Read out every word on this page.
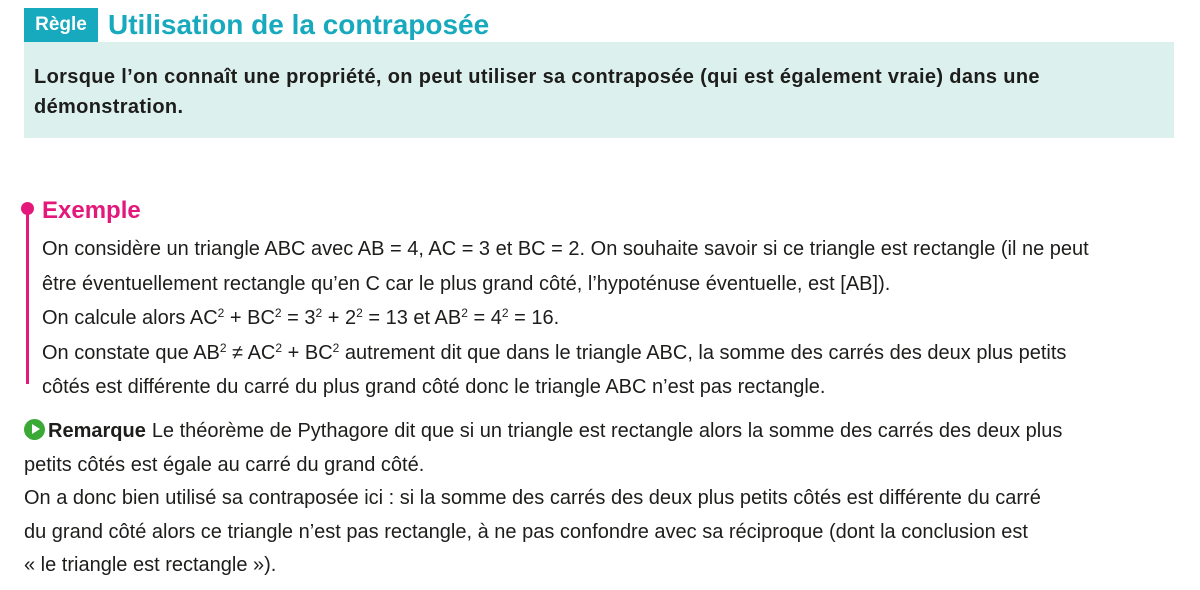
Règle Utilisation de la contraposée
Lorsque l’on connaît une propriété, on peut utiliser sa contraposée (qui est également vraie) dans une démonstration.
Exemple

On considère un triangle ABC avec AB = 4, AC = 3 et BC = 2. On souhaite savoir si ce triangle est rectangle (il ne peut

être éventuellement rectangle qu’en C car le plus grand côté, l’hypoténuse éventuelle, est [AB]).

On calcule alors $AC^2 + BC^2 = 3^2 + 2^2 = 13$ et $AB^2 = 4^2 = 16$.

On constate que $AB^2 \ne AC^2 + BC^2$ autrement dit que dans le triangle ABC, la somme des carrés des deux plus petits

côtés est différente du carré du plus grand côté donc le triangle ABC n’est pas rectangle.

Remarque Le théorème de Pythagore dit que si un triangle est rectangle alors la somme des carrés des deux plus

petits côtés est égale au carré du grand côté.

On a donc bien utilisé sa contraposée ici : si la somme des carrés des deux plus petits côtés est différente du carré

du grand côté alors ce triangle n’est pas rectangle, à ne pas confondre avec sa réciproque (dont la conclusion est

« le triangle est rectangle »).
